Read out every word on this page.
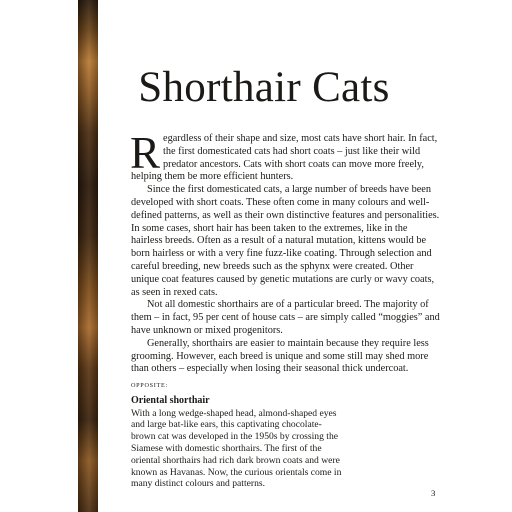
Shorthair Cats

Regardless of their shape and size, most cats have short hair. In fact, the first domesticated cats had short coats – just like their wild predator ancestors. Cats with short coats can move more freely, helping them be more efficient hunters.

Since the first domesticated cats, a large number of breeds have been developed with short coats. These often come in many colours and well-defined patterns, as well as their own distinctive features and personalities. In some cases, short hair has been taken to the extremes, like in the hairless breeds. Often as a result of a natural mutation, kittens would be born hairless or with a very fine fuzz-like coating. Through selection and careful breeding, new breeds such as the sphynx were created. Other unique coat features caused by genetic mutations are curly or wavy coats, as seen in rexed cats.

Not all domestic shorthairs are of a particular breed. The majority of them – in fact, 95 per cent of house cats – are simply called “moggies” and have unknown or mixed progenitors.

Generally, shorthairs are easier to maintain because they require less grooming. However, each breed is unique and some still may shed more than others – especially when losing their seasonal thick undercoat.

OPPOSITE:
Oriental shorthair
With a long wedge-shaped head, almond-shaped eyes and large bat-like ears, this captivating chocolate-brown cat was developed in the 1950s by crossing the Siamese with domestic shorthairs. The first of the oriental shorthairs had rich dark brown coats and were known as Havanas. Now, the curious orientals come in many distinct colours and patterns.
3
